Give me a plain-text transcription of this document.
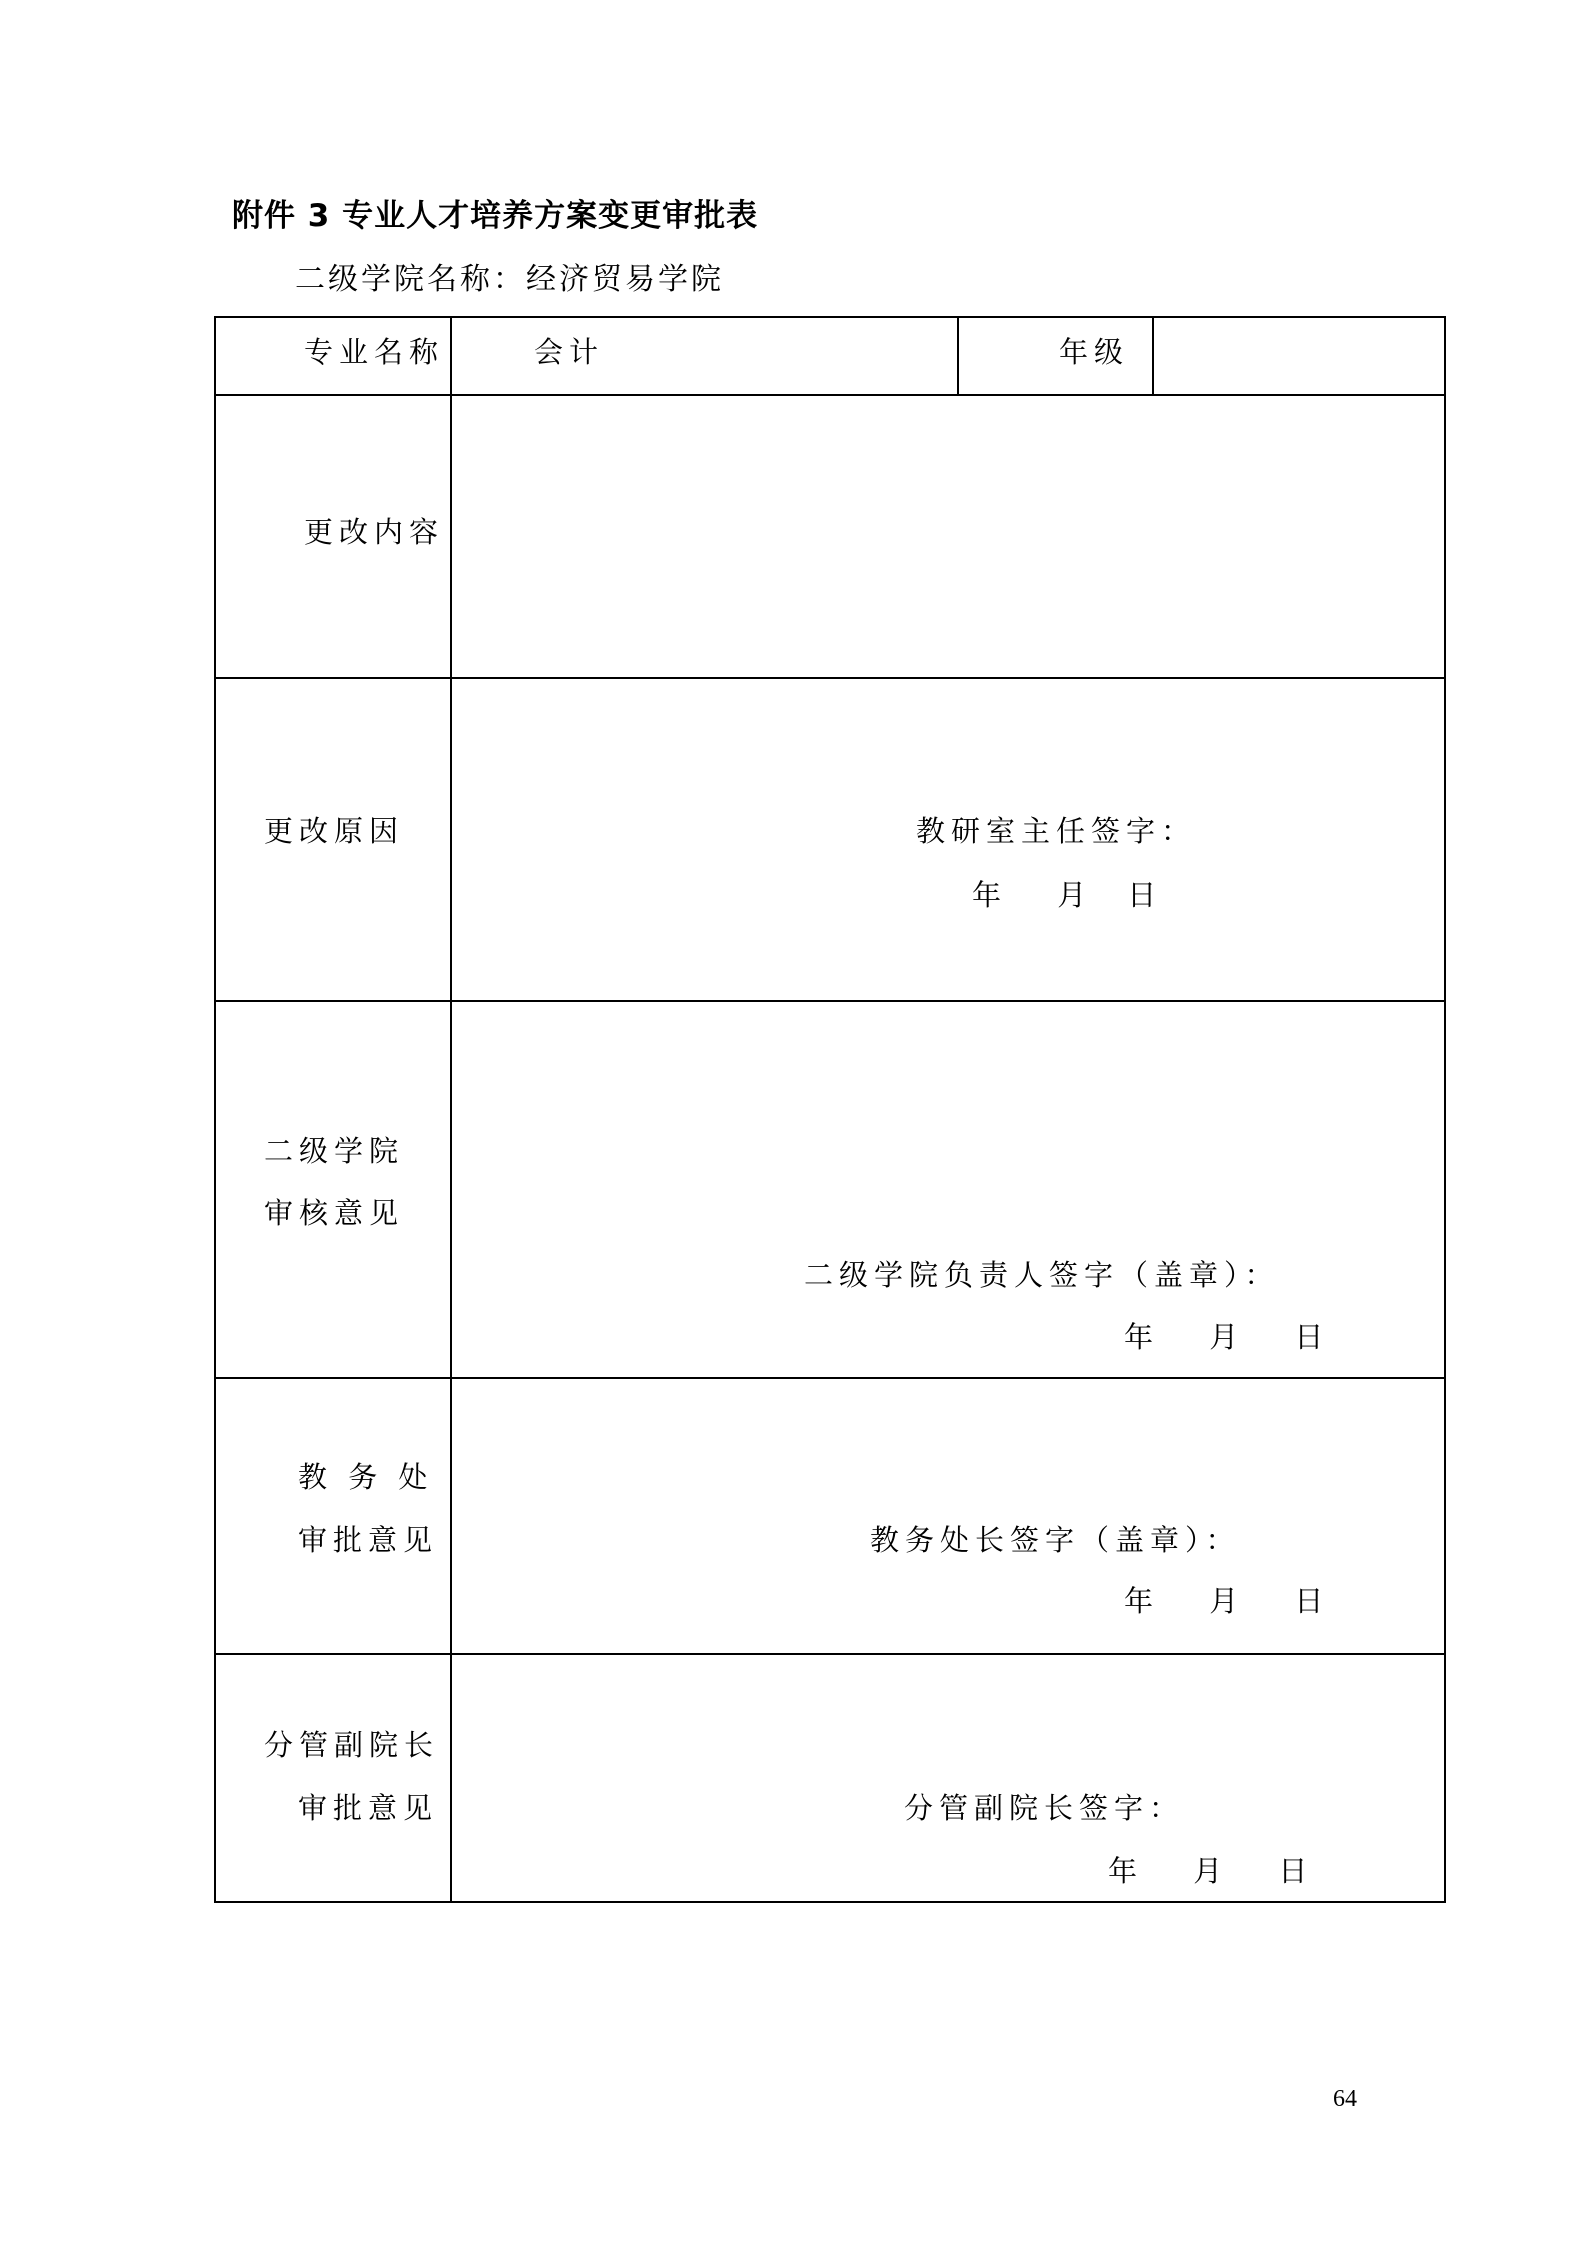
附件 3 专业人才培养方案变更审批表
二级学院名称：经济贸易学院
专业名称	会计	年级	

更改内容			

更改原因	教研室主任签字：
年　 月　日		

二级学院
审核意见	二级学院负责人签字（盖章）：
年　 月　 日		

教 务 处
审批意见	教务处长签字（盖章）：
年　 月　 日		

分管副院长
审批意见	分管副院长签字：
年　 月　 日		
64
